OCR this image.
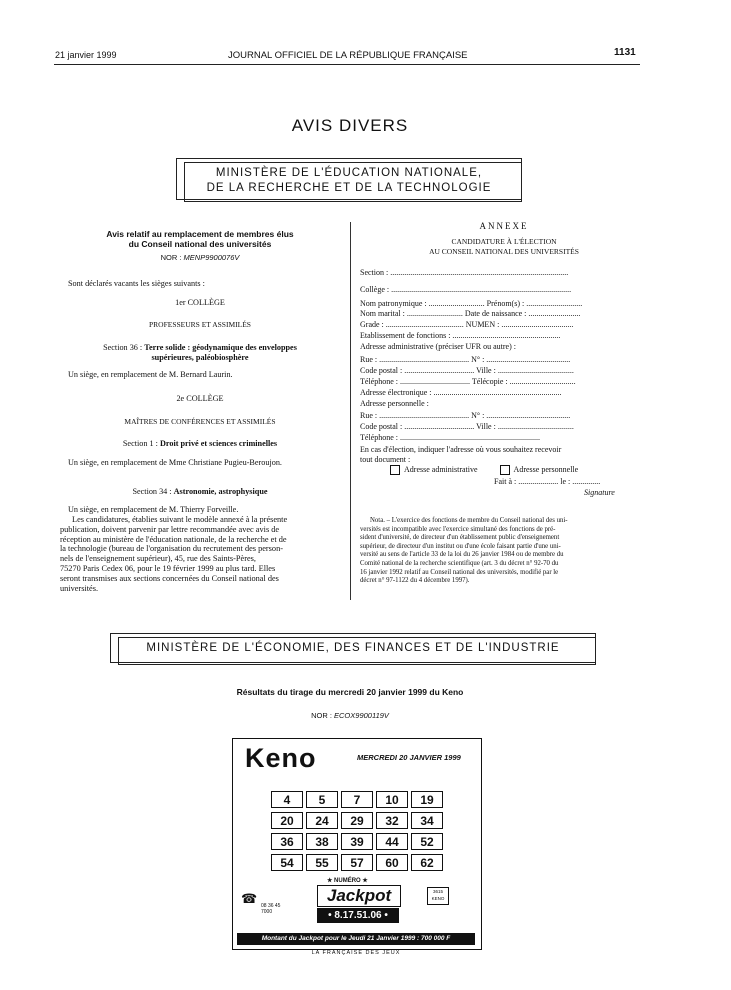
21 janvier 1999	JOURNAL OFFICIEL DE LA RÉPUBLIQUE FRANÇAISE	1131
AVIS DIVERS
MINISTÈRE DE L'ÉDUCATION NATIONALE,
DE LA RECHERCHE ET DE LA TECHNOLOGIE
Avis relatif au remplacement de membres élus
du Conseil national des universités
NOR : MENP9900076V
Sont déclarés vacants les sièges suivants :
1er COLLÈGE
PROFESSEURS ET ASSIMILÉS
Section 36 : Terre solide : géodynamique des enveloppes
supérieures, paléobiosphère
Un siège, en remplacement de M. Bernard Laurin.
2e COLLÈGE
MAÎTRES DE CONFÉRENCES ET ASSIMILÉS
Section 1 : Droit privé et sciences criminelles
Un siège, en remplacement de Mme Christiane Pugieu-Beroujon.
Section 34 : Astronomie, astrophysique
Un siège, en remplacement de M. Thierry Forveille.
Les candidatures, établies suivant le modèle annexé à la présente
publication, doivent parvenir par lettre recommandée avec avis de
réception au ministère de l'éducation nationale, de la recherche et de
la technologie (bureau de l'organisation du recrutement des person-
nels de l'enseignement supérieur), 45, rue des Saints-Pères,
75270 Paris Cedex 06, pour le 19 février 1999 au plus tard. Elles
seront transmises aux sections concernées du Conseil national des
universités.
ANNEXE
CANDIDATURE À L'ÉLECTION
AU CONSEIL NATIONAL DES UNIVERSITÉS
Section : .........................................................................................
Collège : ..........................................................................................
Nom patronymique : ............................ Prénom(s) : ............................
Nom marital : ............................ Date de naissance : ..........................
Grade : ....................................... NUMEN : ....................................
Etablissement de fonctions : ......................................................
Adresse administrative (préciser UFR ou autre) :
Rue : ............................................. N° : ..........................................
Code postal : ................................... Ville : ......................................
Téléphone : ................................... Télécopie : .................................
Adresse électronique : ................................................................
Adresse personnelle :
Rue : ............................................. N° : ..........................................
Code postal : ................................... Ville : ......................................
Téléphone : ......................................................................
En cas d'élection, indiquer l'adresse où vous souhaitez recevoir
tout document :
Adresse administrative	Adresse personnelle
Fait à : .................... le : ..............
Signature
Nota. – L'exercice des fonctions de membre du Conseil national des uni-
versités est incompatible avec l'exercice simultané des fonctions de pré-
sident d'université, de directeur d'un établissement public d'enseignement
supérieur, de directeur d'un institut ou d'une école faisant partie d'une uni-
versité au sens de l'article 33 de la loi du 26 janvier 1984 ou de membre du
Comité national de la recherche scientifique (art. 3 du décret n° 92-70 du
16 janvier 1992 relatif au Conseil national des universités, modifié par le
décret n° 97-1122 du 4 décembre 1997).
MINISTÈRE DE L'ÉCONOMIE, DES FINANCES ET DE L'INDUSTRIE
Résultats du tirage du mercredi 20 janvier 1999 du Keno
NOR : ECOX9900119V
Keno	MERCREDI 20 JANVIER 1999
4	5	7	10	19
20	24	29	32	34
36	38	39	44	52
54	55	57	60	62
★ NUMÉRO ★
Jackpot
• 8.17.51.06 •
☎ 08 36 45 7000
3615 KENO
Montant du Jackpot pour le Jeudi 21 Janvier 1999 : 700 000 F
LA FRANÇAISE DES JEUX
